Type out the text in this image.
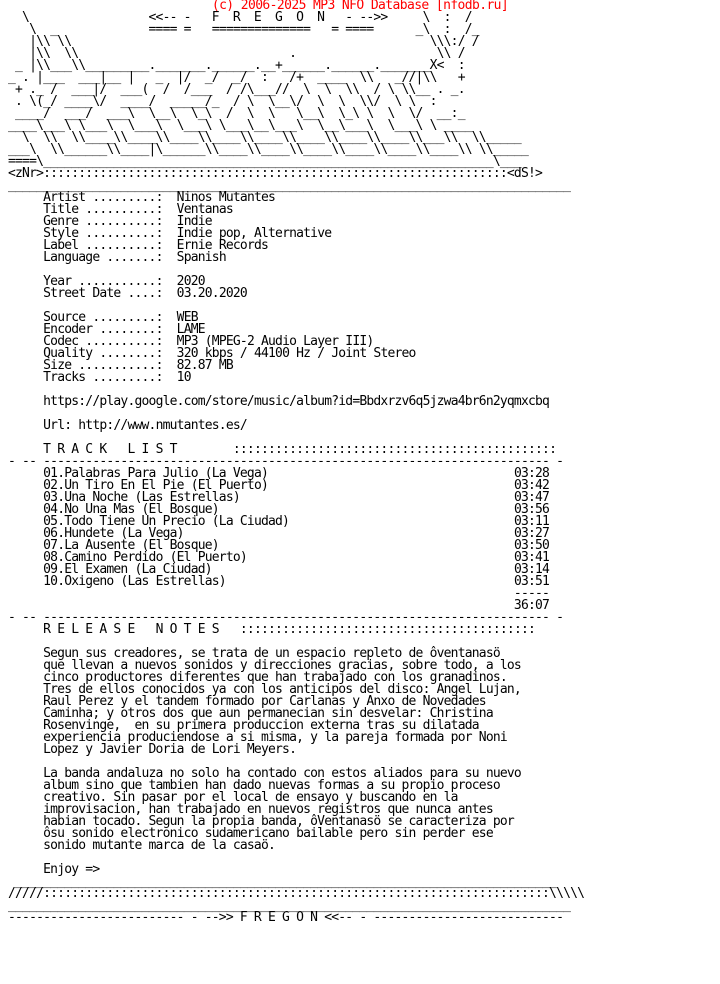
(c) 2006-2025 MP3 NFO Database [nfodb.ru]
\                 <<-- -   F  R  E  G  O  N   - -->>     \  :  /
\  _             ==== =   ==============   = ====      _\  :  /_
|\\ \\                                                   \\\:/ /
|\\  \\                              .                    \\ /
_ |\\___\\_________._______.______.__+______.______._______X<  :
_ . |___  ___|__ |   _  |/  _/  _/  :   /+  ____  \\   _//|\\   +
+ ._ /  ___|/  ___(  /  /___  / /\___//  \  \  \\  / \ \\__ . _.
. \(_/ ____\/  ____/  _____/_  / \  \__\/  \  \  \\/  \ \  :
____/  ___/  ___\  \__\  \_\  /  \  \   \__\  \_\ \  \  \/  __:_
____\___\ \___\  \___\  \___\ \___\__\___\  \__\___\  \___\ \ ____
\  \\  \\____\\____\\____\\____\\____\\____\\____\\____\\___\\  \\_____
___\  \\______\\____|\______\\____\\____\\____\\____\\____\\____\\ \\_____
====\________________________________________________________________\___
<zNr>::::::::::::::::::::::::::::::::::::::::::::::::::::::::::::::::::<dS!>
________________________________________________________________________________
Artist .........: Ninos Mutantes
Title ..........: Ventanas
Genre ..........: Indie
Style ..........: Indie pop, Alternative
Label ..........: Ernie Records
Language .......: Spanish

Year ...........: 2020
Street Date ....: 03.20.2020

Source .........: WEB
Encoder ........: LAME
Codec ..........: MP3 (MPEG-2 Audio Layer III)
Quality ........: 320 kbps / 44100 Hz / Joint Stereo
Size ...........: 82.87 MB
Tracks .........: 10

https://play.google.com/store/music/album?id=Bbdxrzv6q5jzwa4br6n2yqmxcbq

Url: http://www.nmutantes.es/

T R A C K   L I S T	::::::::::::::::::::::::::::::::::::::::::::::
- -- ------------------------------------------------------------------------ -
01.Palabras Para Julio (La Vega)	03:28
02.Un Tiro En El Pie (El Puerto)	03:42
03.Una Noche (Las Estrellas)	03:47
04.No Una Mas (El Bosque)	03:56
05.Todo Tiene Un Precio (La Ciudad)	03:11
06.Hundete (La Vega)	03:27
07.La Ausente (El Bosque)	03:50
08.Camino Perdido (El Puerto)	03:41
09.El Examen (La Ciudad)	03:14
10.Oxigeno (Las Estrellas)	03:51
-----
36:07
- -- ------------------------------------------------------------------------ -
R E L E A S E   N O T E S ::::::::::::::::::::::::::::::::::::::::::

Segun sus creadores, se trata de un espacio repleto de ôventanasö
que llevan a nuevos sonidos y direcciones gracias, sobre todo, a los
cinco productores diferentes que han trabajado con los granadinos.
Tres de ellos conocidos ya con los anticipos del disco: Angel Lujan,
Raul Perez y el tandem formado por Carlanas y Anxo de Novedades
Caminha; y otros dos que aun permanecian sin desvelar: Christina
Rosenvinge,  en su primera produccion externa tras su dilatada
experiencia produciendose a si misma, y la pareja formada por Noni
Lopez y Javier Doria de Lori Meyers.

La banda andaluza no solo ha contado con estos aliados para su nuevo
album sino que tambien han dado nuevas formas a su propio proceso
creativo. Sin pasar por el local de ensayo y buscando en la
improvisacion, han trabajado en nuevos registros que nunca antes
habian tocado. Segun la propia banda, ôVentanasö se caracteriza por
ôsu sonido electronico sudamericano bailable pero sin perder ese
sonido mutante marca de la casaö.

Enjoy =>
_____________________________________________________________________________
/////::::::::::::::::::::::::::::::::::::::::::::::::::::::::::::::::::::::::\\\\\
________________________________________________________________________________
------------------------- - -->> F R E G O N <<-- - ---------------------------
